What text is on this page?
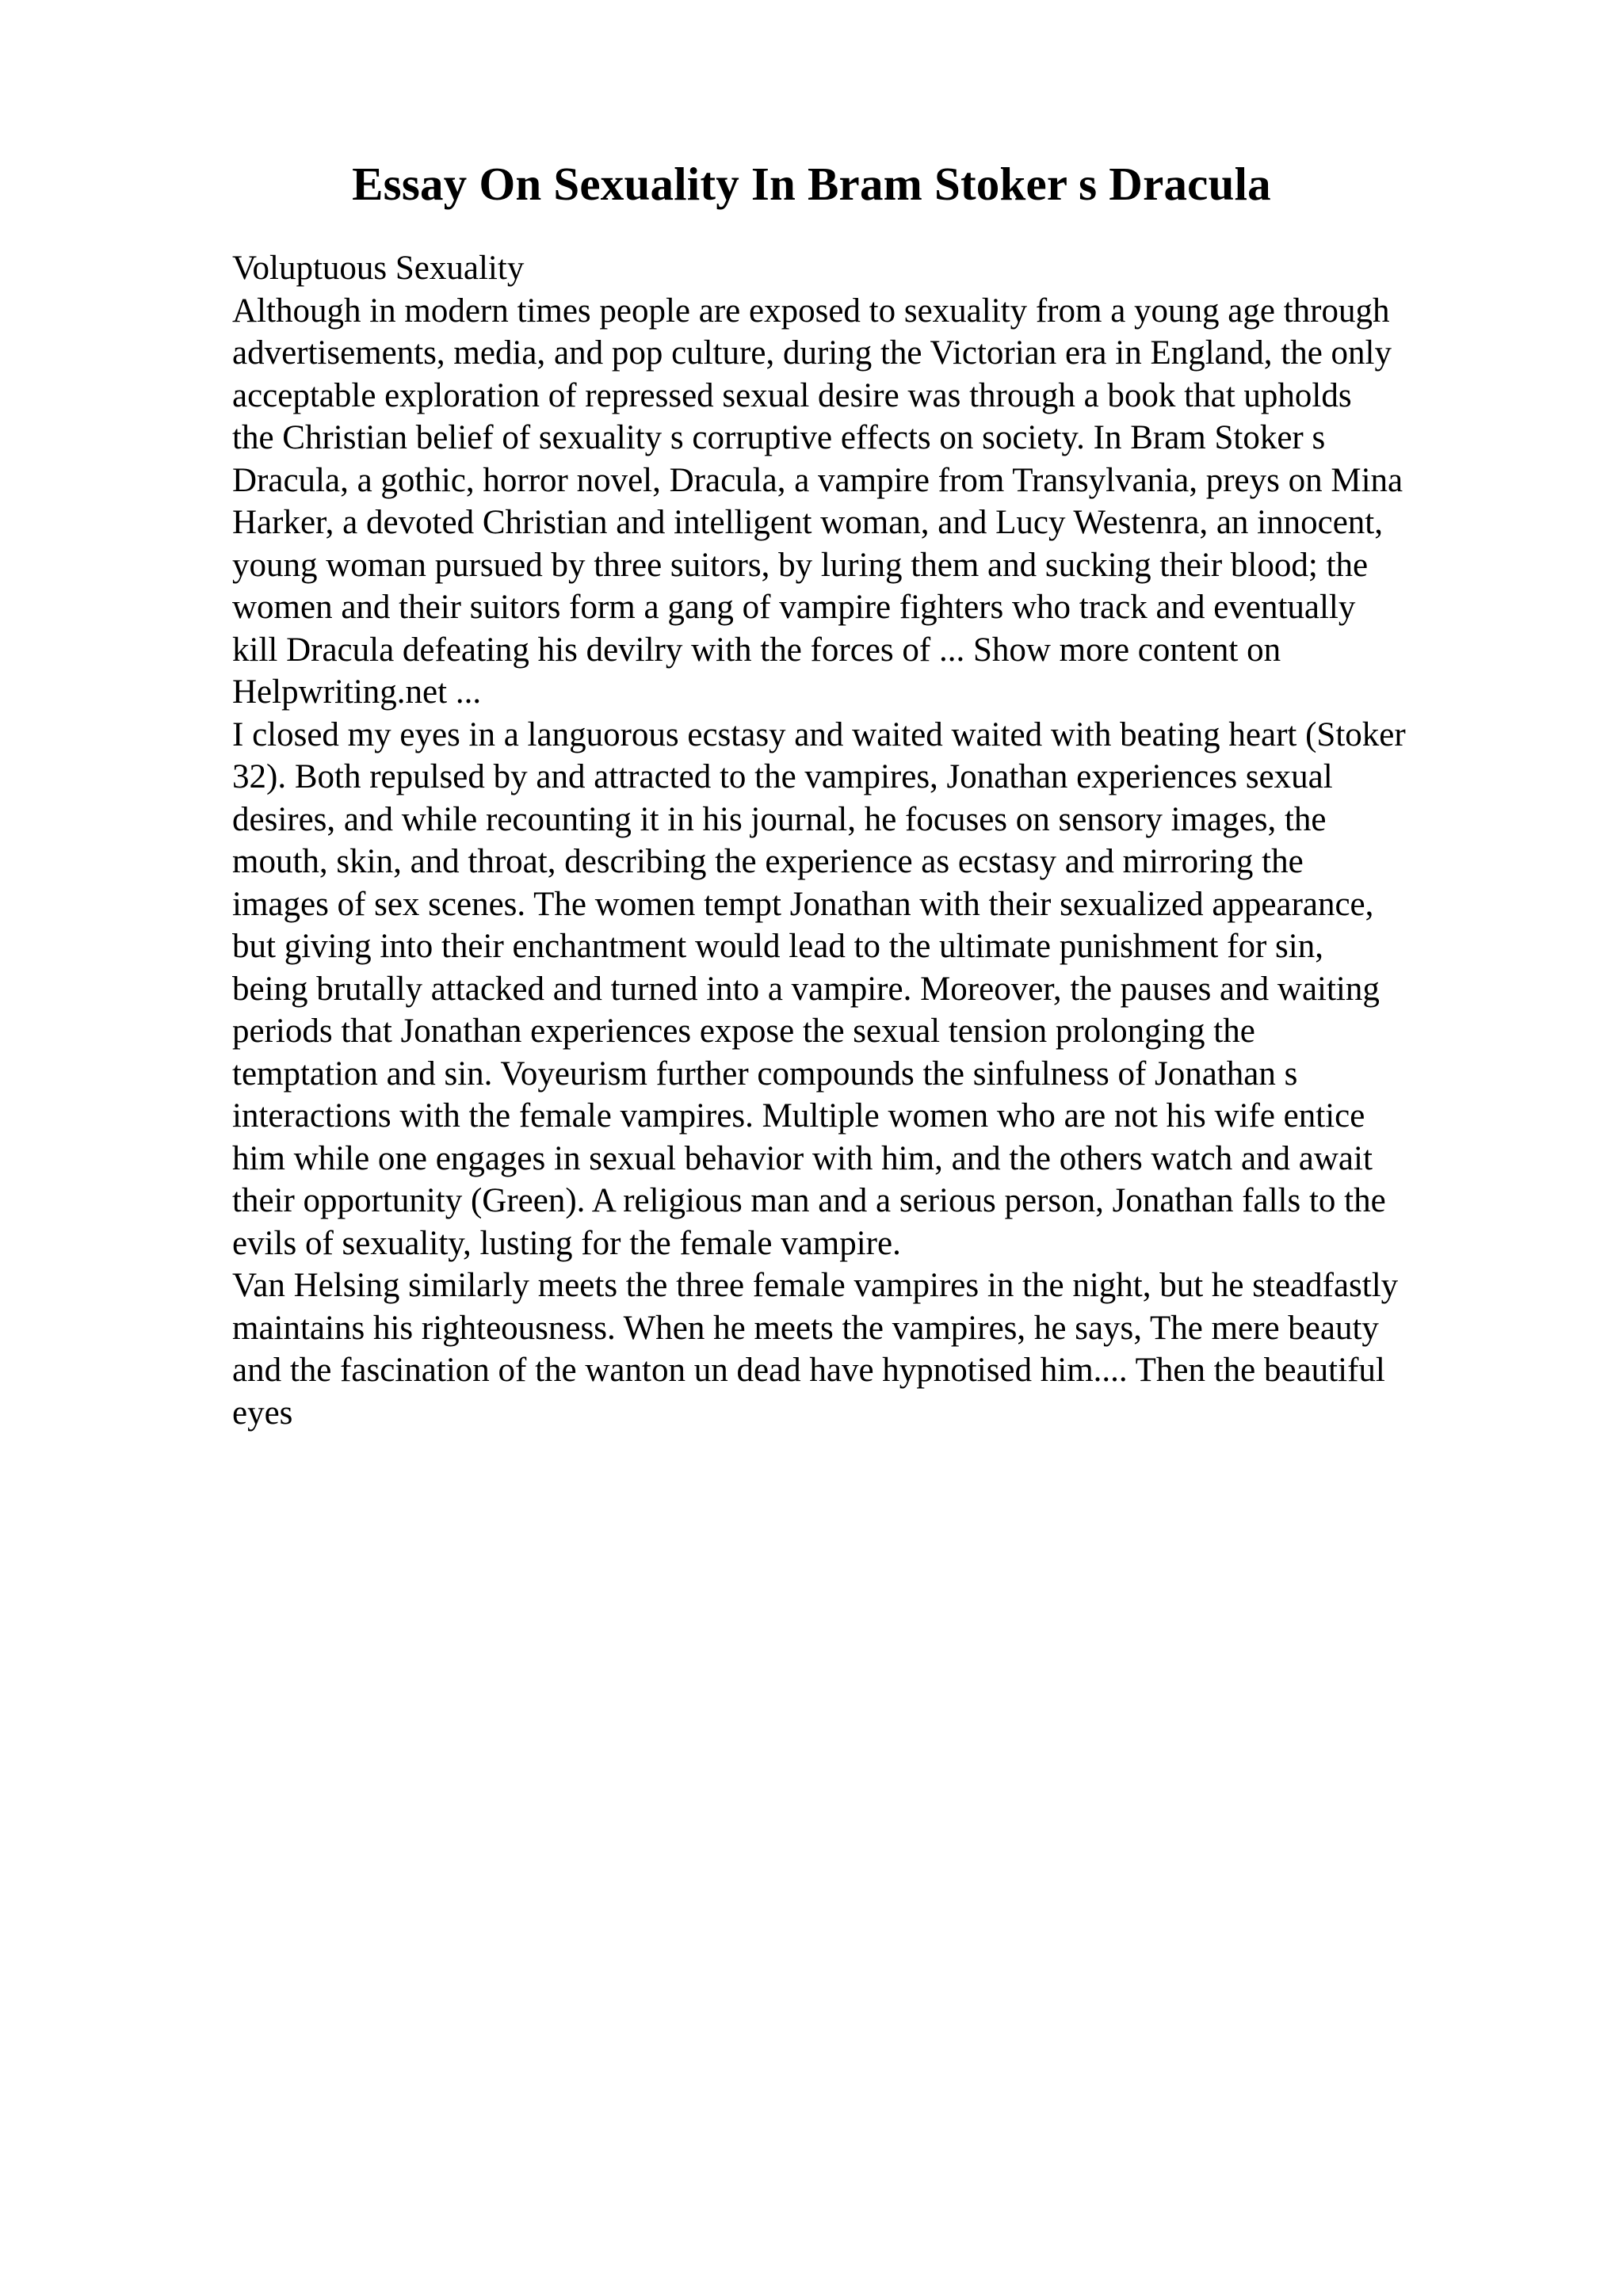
Essay On Sexuality In Bram Stoker s Dracula
Voluptuous Sexuality
Although in modern times people are exposed to sexuality from a young age through
advertisements, media, and pop culture, during the Victorian era in England, the only
acceptable exploration of repressed sexual desire was through a book that upholds
the Christian belief of sexuality s corruptive effects on society. In Bram Stoker s
Dracula, a gothic, horror novel, Dracula, a vampire from Transylvania, preys on Mina
Harker, a devoted Christian and intelligent woman, and Lucy Westenra, an innocent,
young woman pursued by three suitors, by luring them and sucking their blood; the
women and their suitors form a gang of vampire fighters who track and eventually
kill Dracula defeating his devilry with the forces of ... Show more content on
Helpwriting.net ...
I closed my eyes in a languorous ecstasy and waited waited with beating heart (Stoker
32). Both repulsed by and attracted to the vampires, Jonathan experiences sexual
desires, and while recounting it in his journal, he focuses on sensory images, the
mouth, skin, and throat, describing the experience as ecstasy and mirroring the
images of sex scenes. The women tempt Jonathan with their sexualized appearance,
but giving into their enchantment would lead to the ultimate punishment for sin,
being brutally attacked and turned into a vampire. Moreover, the pauses and waiting
periods that Jonathan experiences expose the sexual tension prolonging the
temptation and sin. Voyeurism further compounds the sinfulness of Jonathan s
interactions with the female vampires. Multiple women who are not his wife entice
him while one engages in sexual behavior with him, and the others watch and await
their opportunity (Green). A religious man and a serious person, Jonathan falls to the
evils of sexuality, lusting for the female vampire.
Van Helsing similarly meets the three female vampires in the night, but he steadfastly
maintains his righteousness. When he meets the vampires, he says, The mere beauty
and the fascination of the wanton un dead have hypnotised him.... Then the beautiful
eyes
